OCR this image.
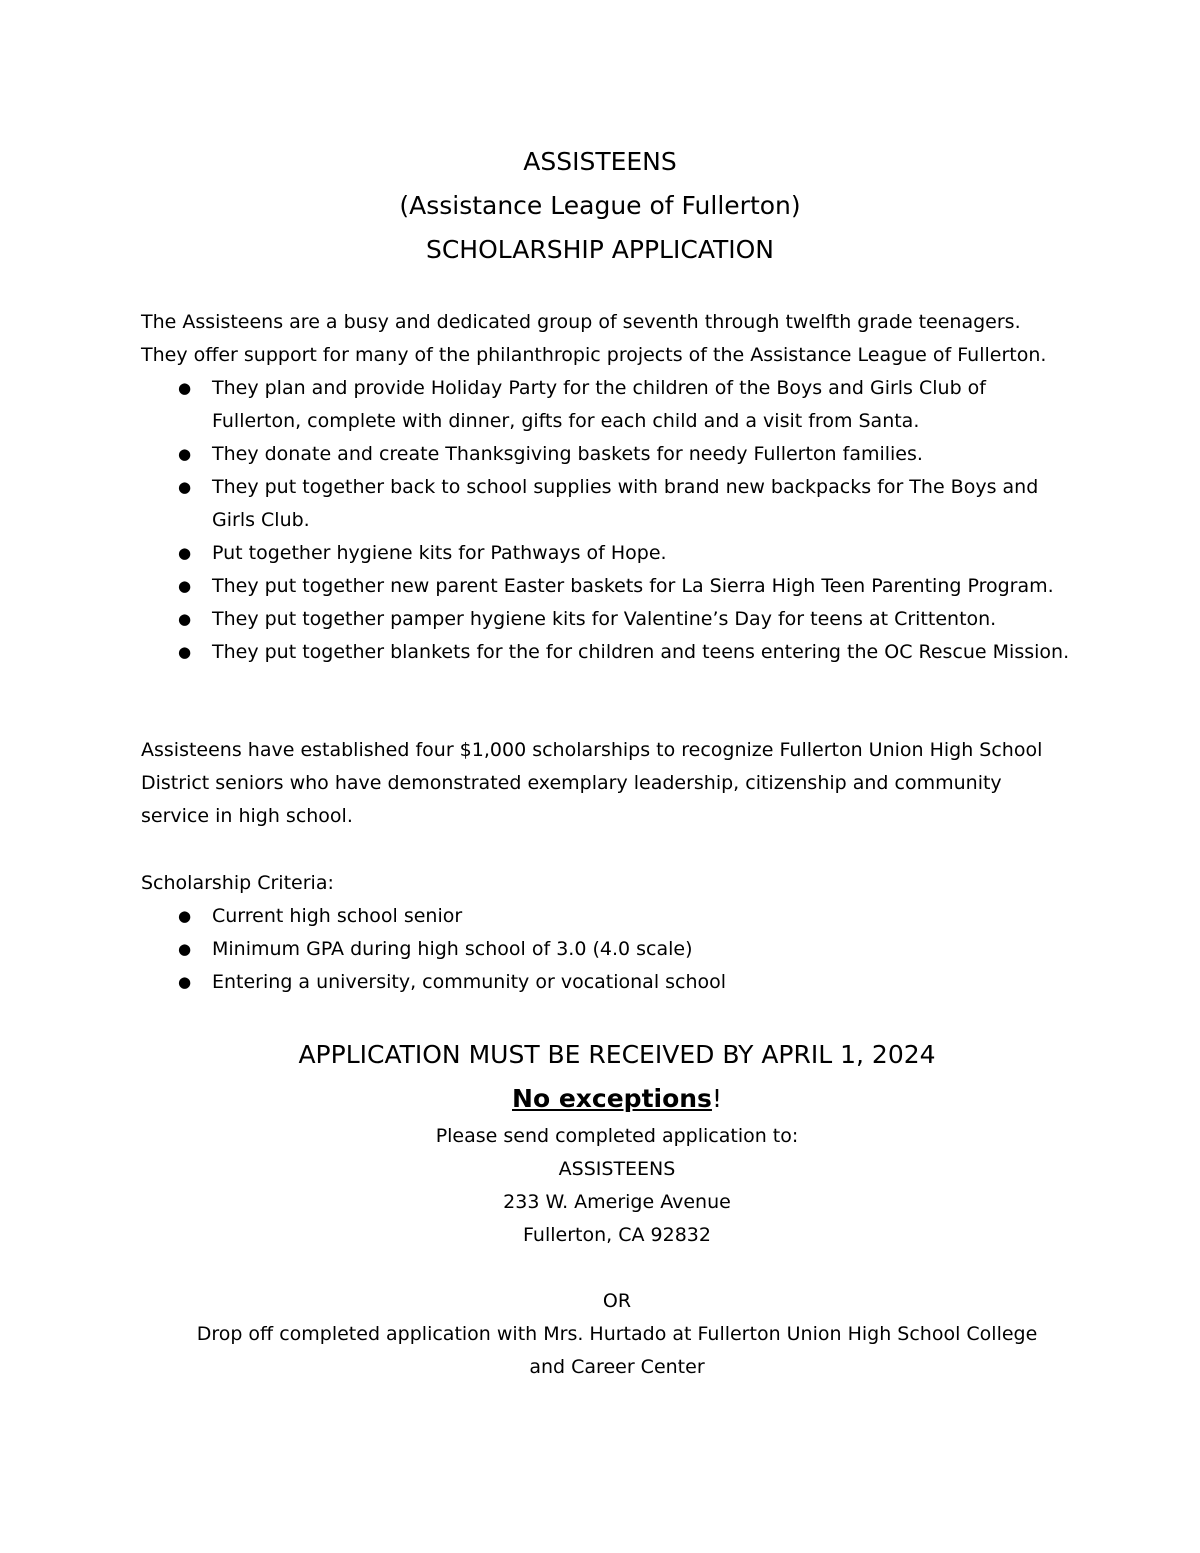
ASSISTEENS
(Assistance League of Fullerton)
SCHOLARSHIP APPLICATION
The Assisteens are a busy and dedicated group of seventh through twelfth grade teenagers.
They offer support for many of the philanthropic projects of the Assistance League of Fullerton.
● They plan and provide Holiday Party for the children of the Boys and Girls Club of Fullerton, complete with dinner, gifts for each child and a visit from Santa.
● They donate and create Thanksgiving baskets for needy Fullerton families.
● They put together back to school supplies with brand new backpacks for The Boys and Girls Club.
● Put together hygiene kits for Pathways of Hope.
● They put together new parent Easter baskets for La Sierra High Teen Parenting Program.
● They put together pamper hygiene kits for Valentine’s Day for teens at Crittenton.
● They put together blankets for the for children and teens entering the OC Rescue Mission.
Assisteens have established four $1,000 scholarships to recognize Fullerton Union High School District seniors who have demonstrated exemplary leadership, citizenship and community service in high school.
Scholarship Criteria:
● Current high school senior
● Minimum GPA during high school of 3.0 (4.0 scale)
● Entering a university, community or vocational school
APPLICATION MUST BE RECEIVED BY APRIL 1, 2024
No exceptions!
Please send completed application to:
ASSISTEENS
233 W. Amerige Avenue
Fullerton, CA 92832
OR
Drop off completed application with Mrs. Hurtado at Fullerton Union High School College
and Career Center
